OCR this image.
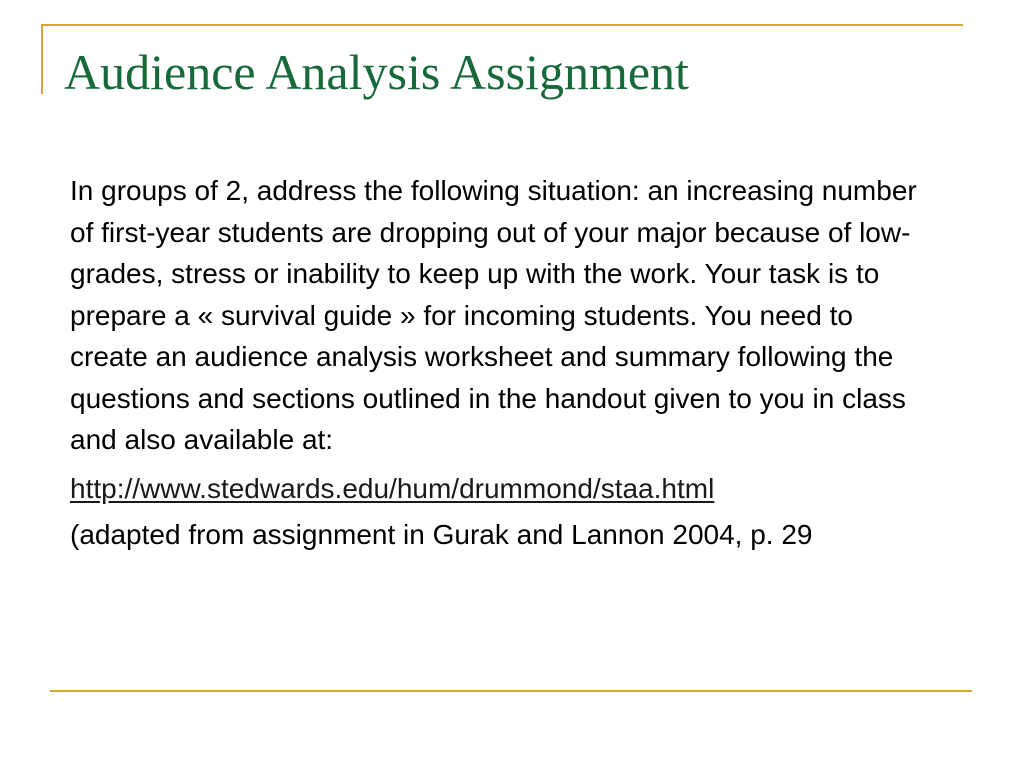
Audience Analysis Assignment

In groups of 2, address the following situation: an increasing number of first-year students are dropping out of your major because of low-grades, stress or inability to keep up with the work. Your task is to prepare a « survival guide » for incoming students. You need to create an audience analysis worksheet and summary following the questions and sections outlined in the handout given to you in class and also available at:

http://www.stedwards.edu/hum/drummond/staa.html

(adapted from assignment in Gurak and Lannon 2004, p. 29
